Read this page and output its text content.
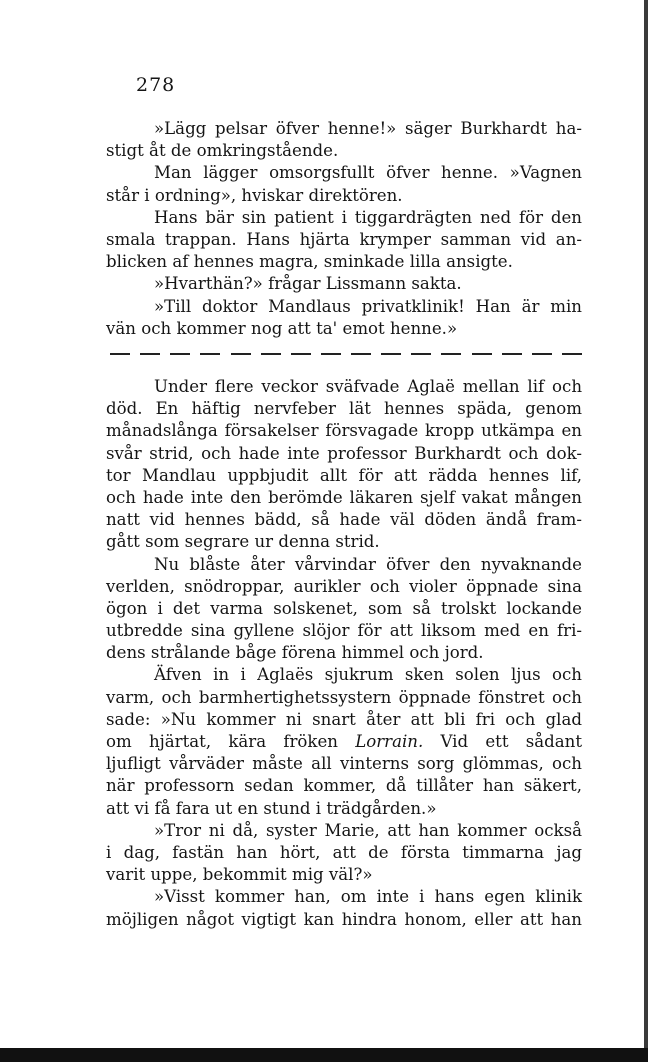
278
»Lägg pelsar öfver henne!» säger Burkhardt ha-
stigt åt de omkringstående.
Man lägger omsorgsfullt öfver henne. »Vagnen
står i ordning», hviskar direktören.
Hans bär sin patient i tiggardrägten ned för den
smala trappan. Hans hjärta krymper samman vid an-
blicken af hennes magra, sminkade lilla ansigte.
»Hvarthän?» frågar Lissmann sakta.
»Till doktor Mandlaus privatklinik! Han är min
vän och kommer nog att ta' emot henne.»
Under flere veckor sväfvade Aglaë mellan lif och
död. En häftig nervfeber lät hennes späda, genom
månadslånga försakelser försvagade kropp utkämpa en
svår strid, och hade inte professor Burkhardt och dok-
tor Mandlau uppbjudit allt för att rädda hennes lif,
och hade inte den berömde läkaren sjelf vakat mången
natt vid hennes bädd, så hade väl döden ändå fram-
gått som segrare ur denna strid.
Nu blåste åter vårvindar öfver den nyvaknande
verlden, snödroppar, aurikler och violer öppnade sina
ögon i det varma solskenet, som så trolskt lockande
utbredde sina gyllene slöjor för att liksom med en fri-
dens strålande båge förena himmel och jord.
Äfven in i Aglaës sjukrum sken solen ljus och
varm, och barmhertighetssystern öppnade fönstret och
sade: »Nu kommer ni snart åter att bli fri och glad
om hjärtat, kära fröken Lorrain. Vid ett sådant
ljufligt vårväder måste all vinterns sorg glömmas, och
när professorn sedan kommer, då tillåter han säkert,
att vi få fara ut en stund i trädgården.»
»Tror ni då, syster Marie, att han kommer också
i dag, fastän han hört, att de första timmarna jag
varit uppe, bekommit mig väl?»
»Visst kommer han, om inte i hans egen klinik
möjligen något vigtigt kan hindra honom, eller att han
